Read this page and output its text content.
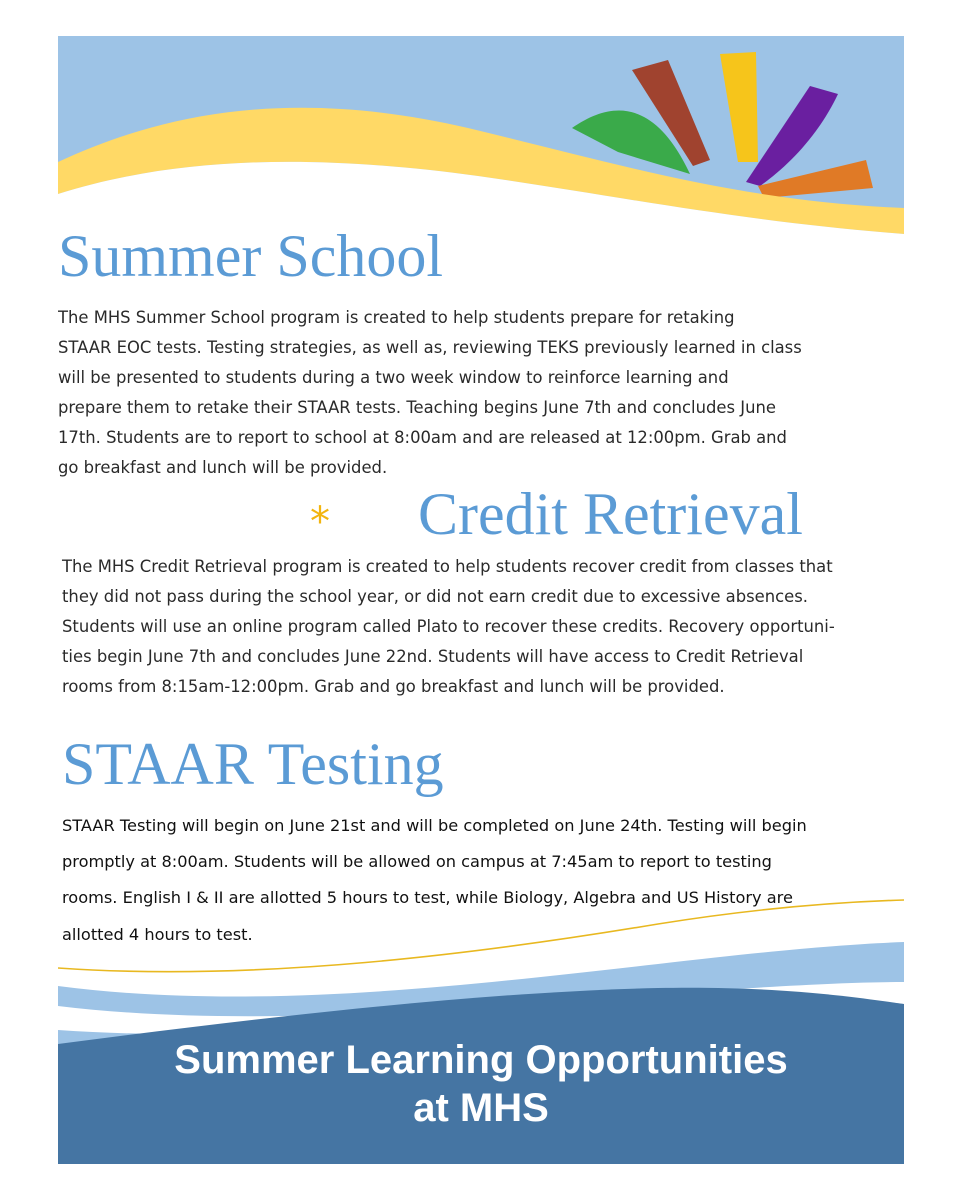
Summer School

The MHS Summer School program is created to help students prepare for retaking
STAAR EOC tests. Testing strategies, as well as, reviewing TEKS previously learned in class
will be presented to students during a two week window to reinforce learning and
prepare them to retake their STAAR tests. Teaching begins June 7th and concludes June
17th. Students are to report to school at 8:00am and are released at 12:00pm. Grab and
go breakfast and lunch will be provided.

* Credit Retrieval

The MHS Credit Retrieval program is created to help students recover credit from classes that
they did not pass during the school year, or did not earn credit due to excessive absences.
Students will use an online program called Plato to recover these credits. Recovery opportuni-
ties begin June 7th and concludes June 22nd. Students will have access to Credit Retrieval
rooms from 8:15am-12:00pm. Grab and go breakfast and lunch will be provided.

STAAR Testing

STAAR Testing will begin on June 21st and will be completed on June 24th. Testing will begin
promptly at 8:00am. Students will be allowed on campus at 7:45am to report to testing
rooms. English I & II are allotted 5 hours to test, while Biology, Algebra and US History are
allotted 4 hours to test.

Summer Learning Opportunities
at MHS
